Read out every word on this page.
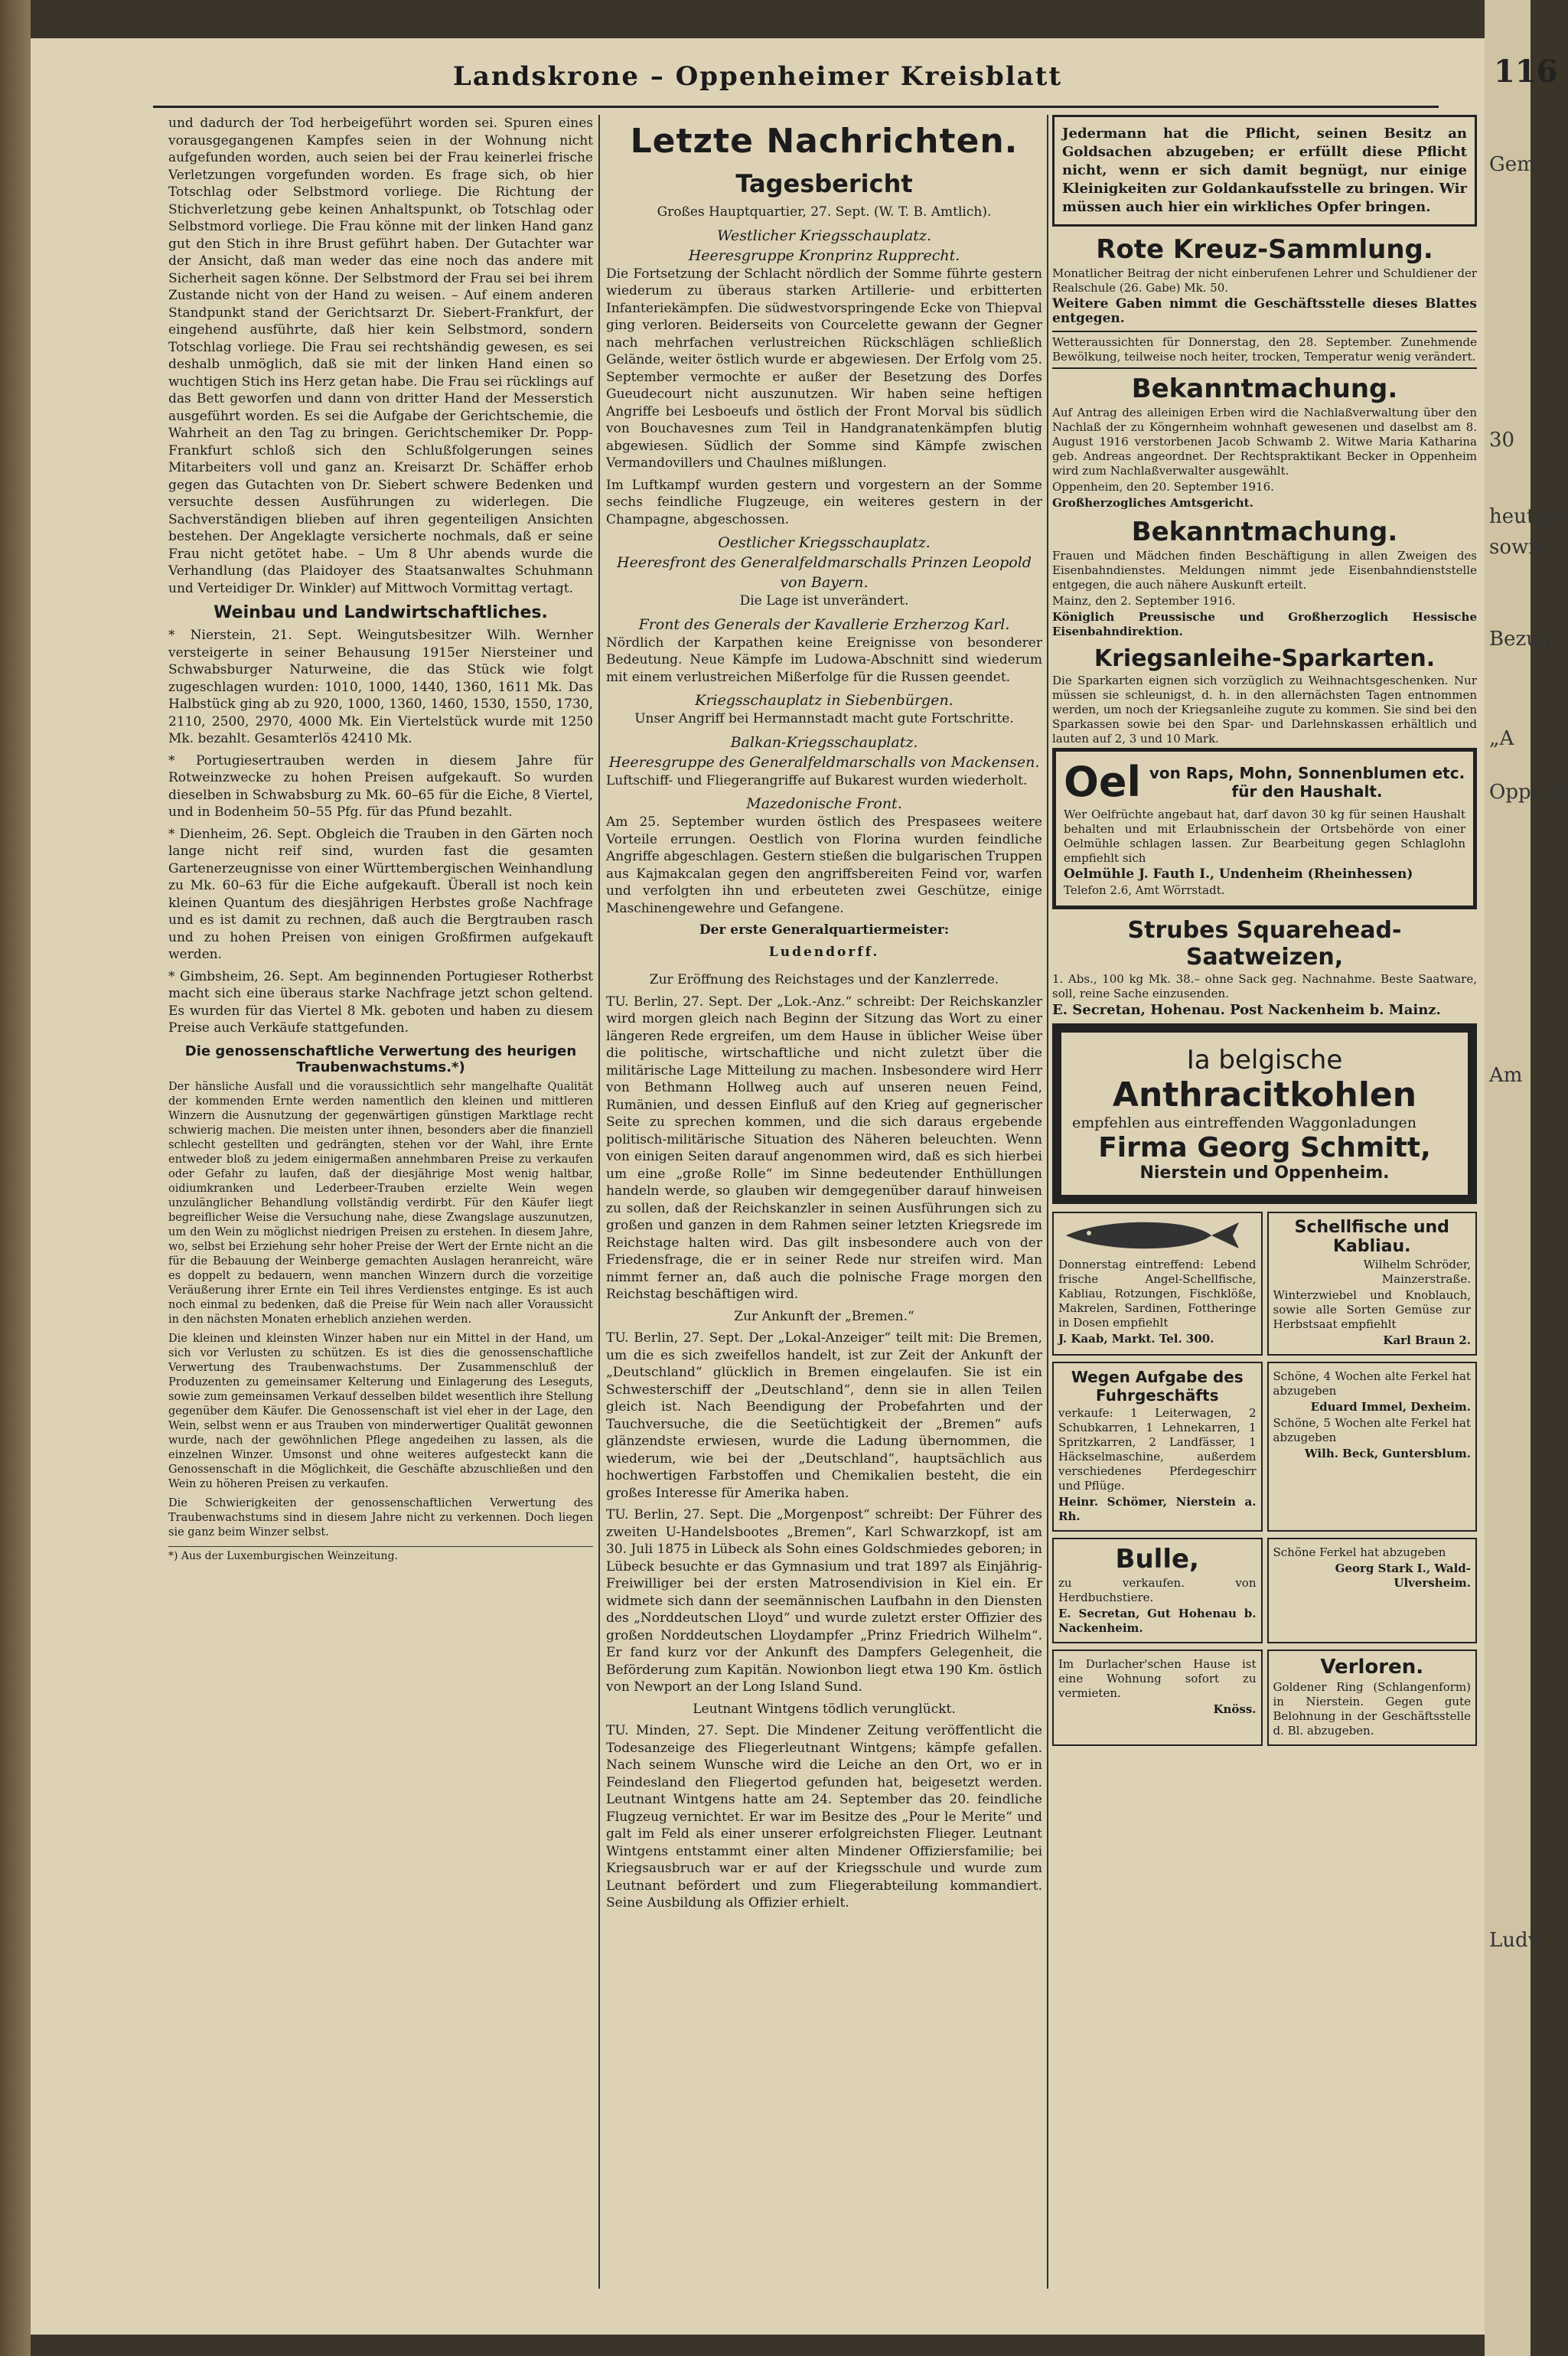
Landskrone – Oppenheimer Kreisblatt

und dadurch der Tod herbeigeführt worden sei. Spuren eines vorausgegangenen Kampfes seien in der Wohnung nicht aufgefunden worden, auch seien bei der Frau keinerlei frische Verletzungen vorgefunden worden. Es frage sich, ob hier Totschlag oder Selbstmord vorliege. Die Richtung der Stichverletzung gebe keinen Anhaltspunkt, ob Totschlag oder Selbstmord vorliege. Die Frau könne mit der linken Hand ganz gut den Stich in ihre Brust geführt haben. Der Gutachter war der Ansicht, daß man weder das eine noch das andere mit Sicherheit sagen könne. Der Selbstmord der Frau sei bei ihrem Zustande nicht von der Hand zu weisen. – Auf einem anderen Standpunkt stand der Gerichtsarzt Dr. Siebert-Frankfurt, der eingehend ausführte, daß hier kein Selbstmord, sondern Totschlag vorliege. Die Frau sei rechtshändig gewesen, es sei deshalb unmöglich, daß sie mit der linken Hand einen so wuchtigen Stich ins Herz getan habe. Die Frau sei rücklings auf das Bett geworfen und dann von dritter Hand der Messerstich ausgeführt worden. Es sei die Aufgabe der Gerichtschemie, die Wahrheit an den Tag zu bringen. Gerichtschemiker Dr. Popp-Frankfurt schloß sich den Schlußfolgerungen seines Mitarbeiters voll und ganz an. Kreisarzt Dr. Schäffer erhob gegen das Gutachten von Dr. Siebert schwere Bedenken und versuchte dessen Ausführungen zu widerlegen. Die Sachverständigen blieben auf ihren gegenteiligen Ansichten bestehen. Der Angeklagte versicherte nochmals, daß er seine Frau nicht getötet habe. – Um 8 Uhr abends wurde die Verhandlung (das Plaidoyer des Staatsanwaltes Schuhmann und Verteidiger Dr. Winkler) auf Mittwoch Vormittag vertagt.

Weinbau und Landwirtschaftliches.

* Nierstein, 21. Sept. Weingutsbesitzer Wilh. Wernher versteigerte in seiner Behausung 1915er Niersteiner und Schwabsburger Naturweine, die das Stück wie folgt zugeschlagen wurden: 1010, 1000, 1440, 1360, 1611 Mk. Das Halbstück ging ab zu 920, 1000, 1360, 1460, 1530, 1550, 1730, 2110, 2500, 2970, 4000 Mk. Ein Viertelstück wurde mit 1250 Mk. bezahlt. Gesamterlös 42410 Mk.

* Portugiesertrauben werden in diesem Jahre für Rotweinzwecke zu hohen Preisen aufgekauft. So wurden dieselben in Schwabsburg zu Mk. 60–65 für die Eiche, 8 Viertel, und in Bodenheim 50–55 Pfg. für das Pfund bezahlt.

* Dienheim, 26. Sept. Obgleich die Trauben in den Gärten noch lange nicht reif sind, wurden fast die gesamten Gartenerzeugnisse von einer Württembergischen Weinhandlung zu Mk. 60–63 für die Eiche aufgekauft. Überall ist noch kein kleinen Quantum des diesjährigen Herbstes große Nachfrage und es ist damit zu rechnen, daß auch die Bergtrauben rasch und zu hohen Preisen von einigen Großfirmen aufgekauft werden.

* Gimbsheim, 26. Sept. Am beginnenden Portugieser Rotherbst macht sich eine überaus starke Nachfrage jetzt schon geltend. Es wurden für das Viertel 8 Mk. geboten und haben zu diesem Preise auch Verkäufe stattgefunden.

Die genossenschaftliche Verwertung des heurigen Traubenwachstums.*)

Der hänsliche Ausfall und die voraussichtlich sehr mangelhafte Qualität der kommenden Ernte werden namentlich den kleinen und mittleren Winzern die Ausnutzung der gegenwärtigen günstigen Marktlage recht schwierig machen. Die meisten unter ihnen, besonders aber die finanziell schlecht gestellten und gedrängten, stehen vor der Wahl, ihre Ernte entweder bloß zu jedem einigermaßen annehmbaren Preise zu verkaufen oder Gefahr zu laufen, daß der diesjährige Most wenig haltbar, oidiumkranken und Lederbeer-Trauben erzielte Wein wegen unzulänglicher Behandlung vollständig verdirbt. Für den Käufer liegt begreiflicher Weise die Versuchung nahe, diese Zwangslage auszunutzen, um den Wein zu möglichst niedrigen Preisen zu erstehen. In diesem Jahre, wo, selbst bei Erziehung sehr hoher Preise der Wert der Ernte nicht an die für die Bebauung der Weinberge gemachten Auslagen heranreicht, wäre es doppelt zu bedauern, wenn manchen Winzern durch die vorzeitige Veräußerung ihrer Ernte ein Teil ihres Verdienstes entginge. Es ist auch noch einmal zu bedenken, daß die Preise für Wein nach aller Voraussicht in den nächsten Monaten erheblich anziehen werden.

Die kleinen und kleinsten Winzer haben nur ein Mittel in der Hand, um sich vor Verlusten zu schützen. Es ist dies die genossenschaftliche Verwertung des Traubenwachstums. Der Zusammenschluß der Produzenten zu gemeinsamer Kelterung und Einlagerung des Leseguts, sowie zum gemeinsamen Verkauf desselben bildet wesentlich ihre Stellung gegenüber dem Käufer. Die Genossenschaft ist viel eher in der Lage, den Wein, selbst wenn er aus Trauben von minderwertiger Qualität gewonnen wurde, nach der gewöhnlichen Pflege angedeihen zu lassen, als die einzelnen Winzer. Umsonst und ohne weiteres aufgesteckt kann die Genossenschaft in die Möglichkeit, die Geschäfte abzuschließen und den Wein zu höheren Preisen zu verkaufen.

Die Schwierigkeiten der genossenschaftlichen Verwertung des Traubenwachstums sind in diesem Jahre nicht zu verkennen. Doch liegen sie ganz beim Winzer selbst.

*) Aus der Luxemburgischen Weinzeitung.
Letzte Nachrichten.
Tagesbericht

Großes Hauptquartier, 27. Sept. (W. T. B. Amtlich).

Westlicher Kriegsschauplatz.
Heeresgruppe Kronprinz Rupprecht.

Die Fortsetzung der Schlacht nördlich der Somme führte gestern wiederum zu überaus starken Artillerie- und erbitterten Infanteriekämpfen. Die südwestvorspringende Ecke von Thiepval ging verloren. Beiderseits von Courcelette gewann der Gegner nach mehrfachen verlustreichen Rückschlägen schließlich Gelände, weiter östlich wurde er abgewiesen. Der Erfolg vom 25. September vermochte er außer der Besetzung des Dorfes Gueudecourt nicht auszunutzen. Wir haben seine heftigen Angriffe bei Lesboeufs und östlich der Front Morval bis südlich von Bouchavesnes zum Teil in Handgranatenkämpfen blutig abgewiesen. Südlich der Somme sind Kämpfe zwischen Vermandovillers und Chaulnes mißlungen.

Im Luftkampf wurden gestern und vorgestern an der Somme sechs feindliche Flugzeuge, ein weiteres gestern in der Champagne, abgeschossen.

Oestlicher Kriegsschauplatz.
Heeresfront des Generalfeldmarschalls Prinzen Leopold von Bayern.

Die Lage ist unverändert.

Front des Generals der Kavallerie Erzherzog Karl.

Nördlich der Karpathen keine Ereignisse von besonderer Bedeutung. Neue Kämpfe im Ludowa-Abschnitt sind wiederum mit einem verlustreichen Mißerfolge für die Russen geendet.

Kriegsschauplatz in Siebenbürgen.

Unser Angriff bei Hermannstadt macht gute Fortschritte.

Balkan-Kriegsschauplatz.
Heeresgruppe des Generalfeldmarschalls von Mackensen.

Luftschiff- und Fliegerangriffe auf Bukarest wurden wiederholt.

Mazedonische Front.

Am 25. September wurden östlich des Prespasees weitere Vorteile errungen. Oestlich von Florina wurden feindliche Angriffe abgeschlagen. Gestern stießen die bulgarischen Truppen aus Kajmakcalan gegen den angriffsbereiten Feind vor, warfen und verfolgten ihn und erbeuteten zwei Geschütze, einige Maschinengewehre und Gefangene.

Der erste Generalquartiermeister:

Ludendorff.

Zur Eröffnung des Reichstages und der Kanzlerrede.

TU. Berlin, 27. Sept. Der „Lok.-Anz.“ schreibt: Der Reichskanzler wird morgen gleich nach Beginn der Sitzung das Wort zu einer längeren Rede ergreifen, um dem Hause in üblicher Weise über die politische, wirtschaftliche und nicht zuletzt über die militärische Lage Mitteilung zu machen. Insbesondere wird Herr von Bethmann Hollweg auch auf unseren neuen Feind, Rumänien, und dessen Einfluß auf den Krieg auf gegnerischer Seite zu sprechen kommen, und die sich daraus ergebende politisch-militärische Situation des Näheren beleuchten. Wenn von einigen Seiten darauf angenommen wird, daß es sich hierbei um eine „große Rolle“ im Sinne bedeutender Enthüllungen handeln werde, so glauben wir demgegenüber darauf hinweisen zu sollen, daß der Reichskanzler in seinen Ausführungen sich zu großen und ganzen in dem Rahmen seiner letzten Kriegsrede im Reichstage halten wird. Das gilt insbesondere auch von der Friedensfrage, die er in seiner Rede nur streifen wird. Man nimmt ferner an, daß auch die polnische Frage morgen den Reichstag beschäftigen wird.

Zur Ankunft der „Bremen.“

TU. Berlin, 27. Sept. Der „Lokal-Anzeiger“ teilt mit: Die Bremen, um die es sich zweifellos handelt, ist zur Zeit der Ankunft der „Deutschland“ glücklich in Bremen eingelaufen. Sie ist ein Schwesterschiff der „Deutschland“, denn sie in allen Teilen gleich ist. Nach Beendigung der Probefahrten und der Tauchversuche, die die Seetüchtigkeit der „Bremen“ aufs glänzendste erwiesen, wurde die Ladung übernommen, die wiederum, wie bei der „Deutschland“, hauptsächlich aus hochwertigen Farbstoffen und Chemikalien besteht, die ein großes Interesse für Amerika haben.

TU. Berlin, 27. Sept. Die „Morgenpost“ schreibt: Der Führer des zweiten U-Handelsbootes „Bremen“, Karl Schwarzkopf, ist am 30. Juli 1875 in Lübeck als Sohn eines Goldschmiedes geboren; in Lübeck besuchte er das Gymnasium und trat 1897 als Einjährig-Freiwilliger bei der ersten Matrosendivision in Kiel ein. Er widmete sich dann der seemännischen Laufbahn in den Diensten des „Norddeutschen Lloyd“ und wurde zuletzt erster Offizier des großen Norddeutschen Lloydampfer „Prinz Friedrich Wilhelm“. Er fand kurz vor der Ankunft des Dampfers Gelegenheit, die Beförderung zum Kapitän. Nowionbon liegt etwa 190 Km. östlich von Newport an der Long Island Sund.

Leutnant Wintgens tödlich verunglückt.

TU. Minden, 27. Sept. Die Mindener Zeitung veröffentlicht die Todesanzeige des Fliegerleutnant Wintgens; kämpfe gefallen. Nach seinem Wunsche wird die Leiche an den Ort, wo er in Feindesland den Fliegertod gefunden hat, beigesetzt werden. Leutnant Wintgens hatte am 24. September das 20. feindliche Flugzeug vernichtet. Er war im Besitze des „Pour le Merite“ und galt im Feld als einer unserer erfolgreichsten Flieger. Leutnant Wintgens entstammt einer alten Mindener Offiziersfamilie; bei Kriegsausbruch war er auf der Kriegsschule und wurde zum Leutnant befördert und zum Fliegerabteilung kommandiert. Seine Ausbildung als Offizier erhielt.

Jedermann hat die Pflicht, seinen Besitz an Goldsachen abzugeben; er erfüllt diese Pflicht nicht, wenn er sich damit begnügt, nur einige Kleinigkeiten zur Goldankaufsstelle zu bringen. Wir müssen auch hier ein wirkliches Opfer bringen.
Rote Kreuz-Sammlung.
Monatlicher Beitrag der nicht einberufenen Lehrer und Schuldiener der Realschule (26. Gabe) Mk. 50.
Weitere Gaben nimmt die Geschäftsstelle dieses Blattes entgegen.
Wetteraussichten für Donnerstag, den 28. September. Zunehmende Bewölkung, teilweise noch heiter, trocken, Temperatur wenig verändert.
Bekanntmachung.
Auf Antrag des alleinigen Erben wird die Nachlaßverwaltung über den Nachlaß der zu Köngernheim wohnhaft gewesenen und daselbst am 8. August 1916 verstorbenen Jacob Schwamb 2. Witwe Maria Katharina geb. Andreas angeordnet. Der Rechtspraktikant Becker in Oppenheim wird zum Nachlaßverwalter ausgewählt.
Oppenheim, den 20. September 1916.
Großherzogliches Amtsgericht.
Bekanntmachung.
Frauen und Mädchen finden Beschäftigung in allen Zweigen des Eisenbahndienstes. Meldungen nimmt jede Eisenbahndienststelle entgegen, die auch nähere Auskunft erteilt.
Mainz, den 2. September 1916.
Königlich Preussische und Großherzoglich Hessische Eisenbahndirektion.
Kriegsanleihe-Sparkarten.
Die Sparkarten eignen sich vorzüglich zu Weihnachtsgeschenken. Nur müssen sie schleunigst, d. h. in den allernächsten Tagen entnommen werden, um noch der Kriegsanleihe zugute zu kommen. Sie sind bei den Sparkassen sowie bei den Spar- und Darlehnskassen erhältlich und lauten auf 2, 3 und 10 Mark.
Oel von Raps, Mohn, Sonnenblumen etc. für den Haushalt.
Wer Oelfrüchte angebaut hat, darf davon 30 kg für seinen Haushalt behalten und mit Erlaubnisschein der Ortsbehörde von einer Oelmühle schlagen lassen. Zur Bearbeitung gegen Schlaglohn empfiehlt sich
Oelmühle J. Fauth I., Undenheim (Rheinhessen)
Telefon 2.6, Amt Wörrstadt.
Strubes Squarehead-Saatweizen,
1. Abs., 100 kg Mk. 38.– ohne Sack geg. Nachnahme. Beste Saatware, soll, reine Sache einzusenden.
E. Secretan, Hohenau. Post Nackenheim b. Mainz.
Ia belgische
Anthracitkohlen
empfehlen aus eintreffenden Waggonladungen
Firma Georg Schmitt,
Nierstein und Oppenheim.
Donnerstag eintreffend: Lebend frische Angel-Schellfische, Kabliau, Rotzungen, Fischklöße, Makrelen, Sardinen, Fottheringe in Dosen empfiehlt
J. Kaab, Markt. Tel. 300.
Schellfische und Kabliau.
Wilhelm Schröder, Mainzerstraße.
Winterzwiebel und Knoblauch, sowie alle Sorten Gemüse zur Herbstsaat empfiehlt
Karl Braun 2.
Wegen Aufgabe des Fuhrgeschäfts
verkaufe: 1 Leiterwagen, 2 Schubkarren, 1 Lehnekarren, 1 Spritzkarren, 2 Landfässer, 1 Häckselmaschine, außerdem verschiedenes Pferdegeschirr und Pflüge.
Heinr. Schömer, Nierstein a. Rh.
Schöne, 4 Wochen alte Ferkel hat abzugeben
Eduard Immel, Dexheim.
Schöne, 5 Wochen alte Ferkel hat abzugeben
Wilh. Beck, Guntersblum.
Bulle,
zu verkaufen. von Herdbuchstiere.
E. Secretan, Gut Hohenau b. Nackenheim.
Schöne Ferkel hat abzugeben
Georg Stark I., Wald-Ulversheim.
Im Durlacher'schen Hause ist eine Wohnung sofort zu vermieten.
Knöss.
Verloren.
Goldener Ring (Schlangenform) in Nierstein. Gegen gute Belohnung in der Geschäftsstelle d. Bl. abzugeben.
116
Gem...
30
heutige
sowie
Bezug
„A
Oppenh
Am
Ludw
